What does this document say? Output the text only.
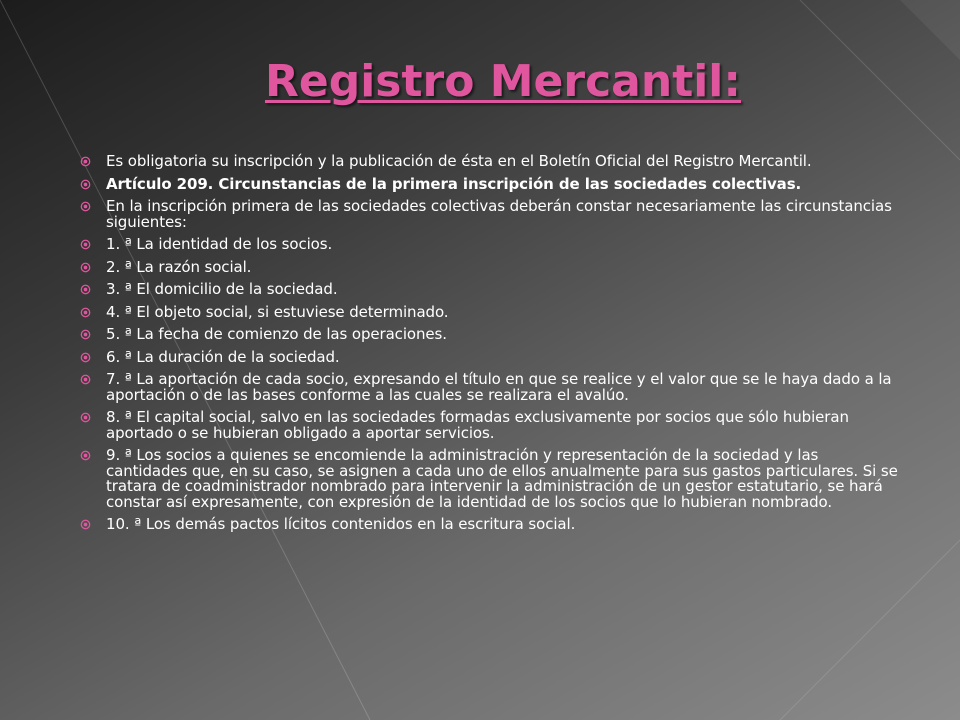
Registro Mercantil:
Es obligatoria su inscripción y la publicación de ésta en el Boletín Oficial del Registro Mercantil.
Artículo 209. Circunstancias de la primera inscripción de las sociedades colectivas.
En la inscripción primera de las sociedades colectivas deberán constar necesariamente las circunstancias siguientes:
1. ª La identidad de los socios.
2. ª La razón social.
3. ª El domicilio de la sociedad.
4. ª El objeto social, si estuviese determinado.
5. ª La fecha de comienzo de las operaciones.
6. ª La duración de la sociedad.
7. ª La aportación de cada socio, expresando el título en que se realice y el valor que se le haya dado a la aportación o de las bases conforme a las cuales se realizara el avalúo.
8. ª El capital social, salvo en las sociedades formadas exclusivamente por socios que sólo hubieran aportado o se hubieran obligado a aportar servicios.
9. ª Los socios a quienes se encomiende la administración y representación de la sociedad y las cantidades que, en su caso, se asignen a cada uno de ellos anualmente para sus gastos particulares. Si se tratara de coadministrador nombrado para intervenir la administración de un gestor estatutario, se hará constar así expresamente, con expresión de la identidad de los socios que lo hubieran nombrado.
10. ª Los demás pactos lícitos contenidos en la escritura social.
